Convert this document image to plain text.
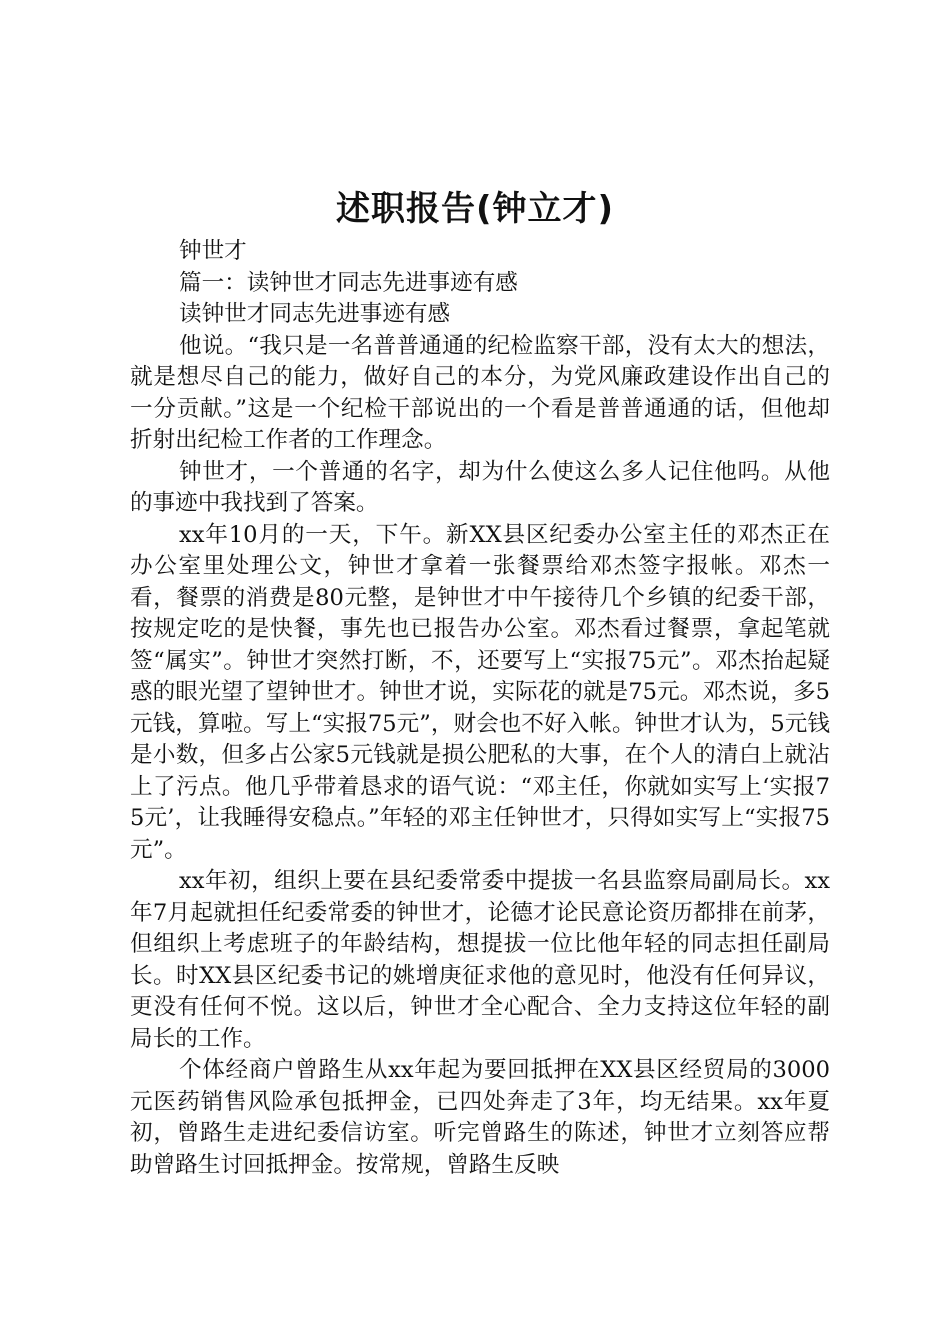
述职报告(钟立才)

钟世才

篇一：读钟世才同志先进事迹有感

读钟世才同志先进事迹有感

他说。“我只是一名普普通通的纪检监察干部，没有太大的想法，就是想尽自己的能力，做好自己的本分，为党风廉政建设作出自己的一分贡献。”这是一个纪检干部说出的一个看是普普通通的话，但他却折射出纪检工作者的工作理念。

钟世才，一个普通的名字，却为什么使这么多人记住他吗。从他的事迹中我找到了答案。

xx年10月的一天，下午。新XX县区纪委办公室主任的邓杰正在办公室里处理公文，钟世才拿着一张餐票给邓杰签字报帐。邓杰一看，餐票的消费是80元整，是钟世才中午接待几个乡镇的纪委干部，按规定吃的是快餐，事先也已报告办公室。邓杰看过餐票，拿起笔就签“属实”。钟世才突然打断，不，还要写上“实报75元”。邓杰抬起疑惑的眼光望了望钟世才。钟世才说，实际花的就是75元。邓杰说，多5元钱，算啦。写上“实报75元”，财会也不好入帐。钟世才认为，5元钱是小数，但多占公家5元钱就是损公肥私的大事，在个人的清白上就沾上了污点。他几乎带着恳求的语气说：“邓主任，你就如实写上‘实报75元’，让我睡得安稳点。”年轻的邓主任钟世才，只得如实写上“实报75元”。

xx年初，组织上要在县纪委常委中提拔一名县监察局副局长。xx年7月起就担任纪委常委的钟世才，论德才论民意论资历都排在前茅，但组织上考虑班子的年龄结构，想提拔一位比他年轻的同志担任副局长。时XX县区纪委书记的姚增庚征求他的意见时，他没有任何异议，更没有任何不悦。这以后，钟世才全心配合、全力支持这位年轻的副局长的工作。

个体经商户曾路生从xx年起为要回抵押在XX县区经贸局的3000元医药销售风险承包抵押金，已四处奔走了3年，均无结果。xx年夏初，曾路生走进纪委信访室。听完曾路生的陈述，钟世才立刻答应帮助曾路生讨回抵押金。按常规，曾路生反映
